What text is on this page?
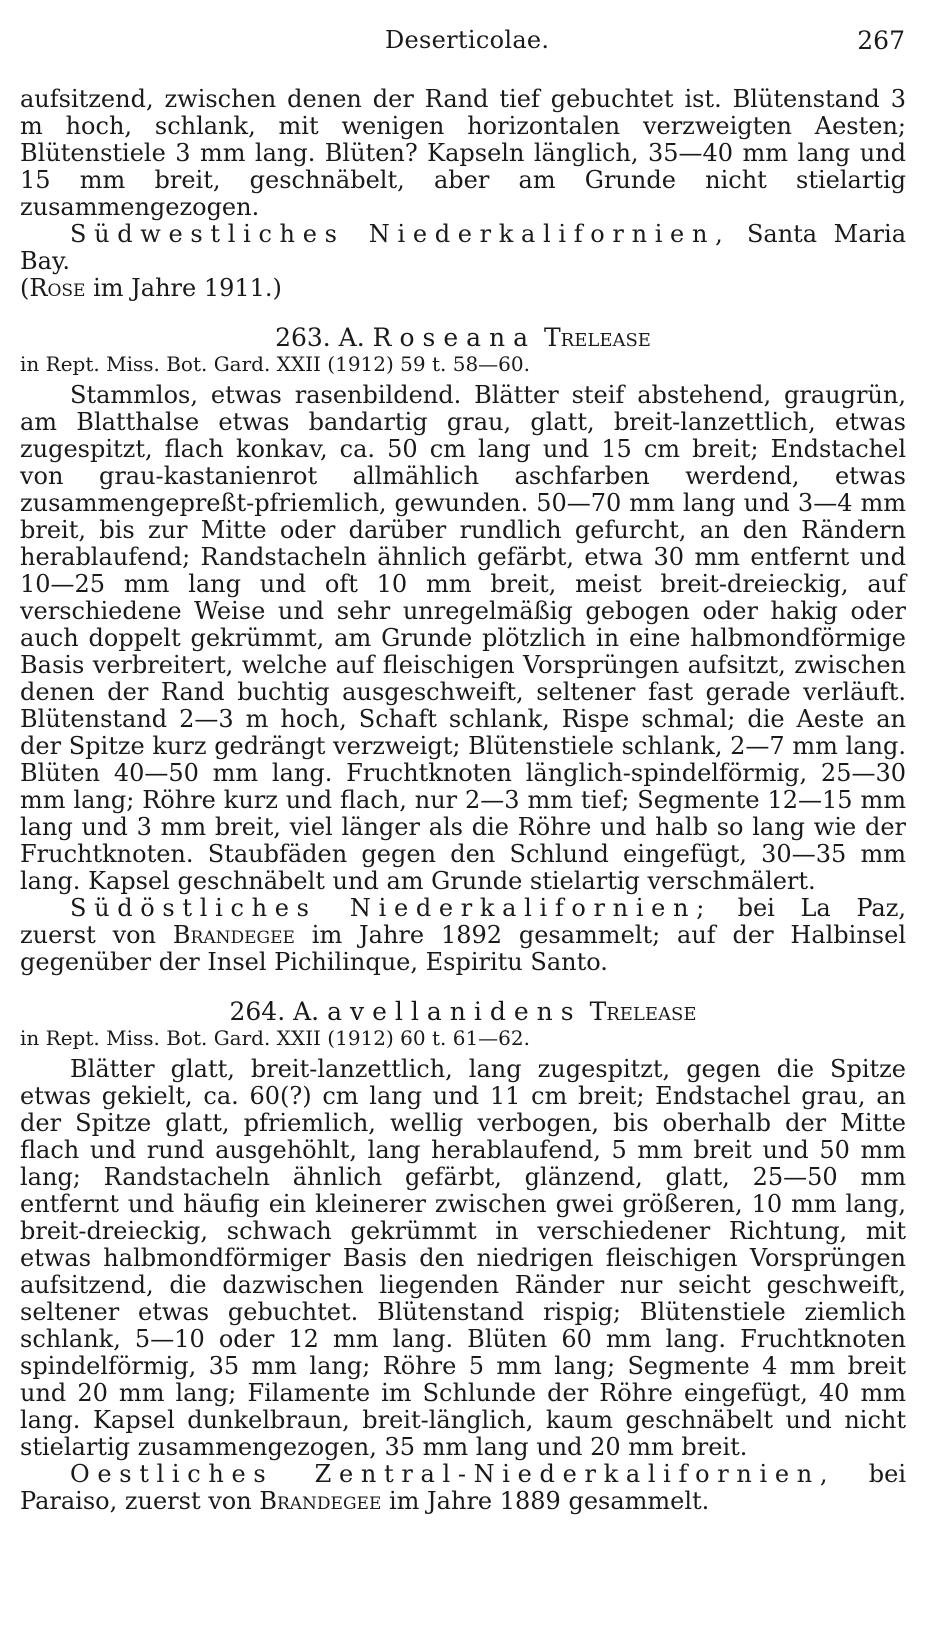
Deserticolae.	267

aufsitzend, zwischen denen der Rand tief gebuchtet ist. Blütenstand 3 m hoch, schlank, mit wenigen horizontalen verzweigten Aesten; Blütenstiele 3 mm lang. Blüten? Kapseln länglich, 35—40 mm lang und 15 mm breit, geschnäbelt, aber am Grunde nicht stielartig zusammengezogen.

Südwestliches Niederkalifornien, Santa Maria Bay.

(Rose im Jahre 1911.)

263. A. Roseana Trelease

in Rept. Miss. Bot. Gard. XXII (1912) 59 t. 58—60.

Stammlos, etwas rasenbildend. Blätter steif abstehend, graugrün, am Blatthalse etwas bandartig grau, glatt, breit-lanzettlich, etwas zugespitzt, flach konkav, ca. 50 cm lang und 15 cm breit; Endstachel von grau-kastanienrot allmählich aschfarben werdend, etwas zusammengepreßt-pfriemlich, gewunden. 50—70 mm lang und 3—4 mm breit, bis zur Mitte oder darüber rundlich gefurcht, an den Rändern herablaufend; Randstacheln ähnlich gefärbt, etwa 30 mm entfernt und 10—25 mm lang und oft 10 mm breit, meist breit-dreieckig, auf verschiedene Weise und sehr unregelmäßig gebogen oder hakig oder auch doppelt gekrümmt, am Grunde plötzlich in eine halbmondförmige Basis verbreitert, welche auf fleischigen Vorsprüngen aufsitzt, zwischen denen der Rand buchtig ausgeschweift, seltener fast gerade verläuft. Blütenstand 2—3 m hoch, Schaft schlank, Rispe schmal; die Aeste an der Spitze kurz gedrängt verzweigt; Blütenstiele schlank, 2—7 mm lang. Blüten 40—50 mm lang. Fruchtknoten länglich-spindelförmig, 25—30 mm lang; Röhre kurz und flach, nur 2—3 mm tief; Segmente 12—15 mm lang und 3 mm breit, viel länger als die Röhre und halb so lang wie der Fruchtknoten. Staubfäden gegen den Schlund eingefügt, 30—35 mm lang. Kapsel geschnäbelt und am Grunde stielartig verschmälert.

Südöstliches Niederkalifornien; bei La Paz, zuerst von Brandegee im Jahre 1892 gesammelt; auf der Halbinsel gegenüber der Insel Pichilinque, Espiritu Santo.

264. A. avellanidens Trelease

in Rept. Miss. Bot. Gard. XXII (1912) 60 t. 61—62.

Blätter glatt, breit-lanzettlich, lang zugespitzt, gegen die Spitze etwas gekielt, ca. 60(?) cm lang und 11 cm breit; Endstachel grau, an der Spitze glatt, pfriemlich, wellig verbogen, bis oberhalb der Mitte flach und rund ausgehöhlt, lang herablaufend, 5 mm breit und 50 mm lang; Randstacheln ähnlich gefärbt, glänzend, glatt, 25—50 mm entfernt und häufig ein kleinerer zwischen gwei größeren, 10 mm lang, breit-dreieckig, schwach gekrümmt in verschiedener Richtung, mit etwas halbmondförmiger Basis den niedrigen fleischigen Vorsprüngen aufsitzend, die dazwischen liegenden Ränder nur seicht geschweift, seltener etwas gebuchtet. Blütenstand rispig; Blütenstiele ziemlich schlank, 5—10 oder 12 mm lang. Blüten 60 mm lang. Fruchtknoten spindelförmig, 35 mm lang; Röhre 5 mm lang; Segmente 4 mm breit und 20 mm lang; Filamente im Schlunde der Röhre eingefügt, 40 mm lang. Kapsel dunkelbraun, breit-länglich, kaum geschnäbelt und nicht stielartig zusammengezogen, 35 mm lang und 20 mm breit.

Oestliches Zentral-Niederkalifornien, bei Paraiso, zuerst von Brandegee im Jahre 1889 gesammelt.
